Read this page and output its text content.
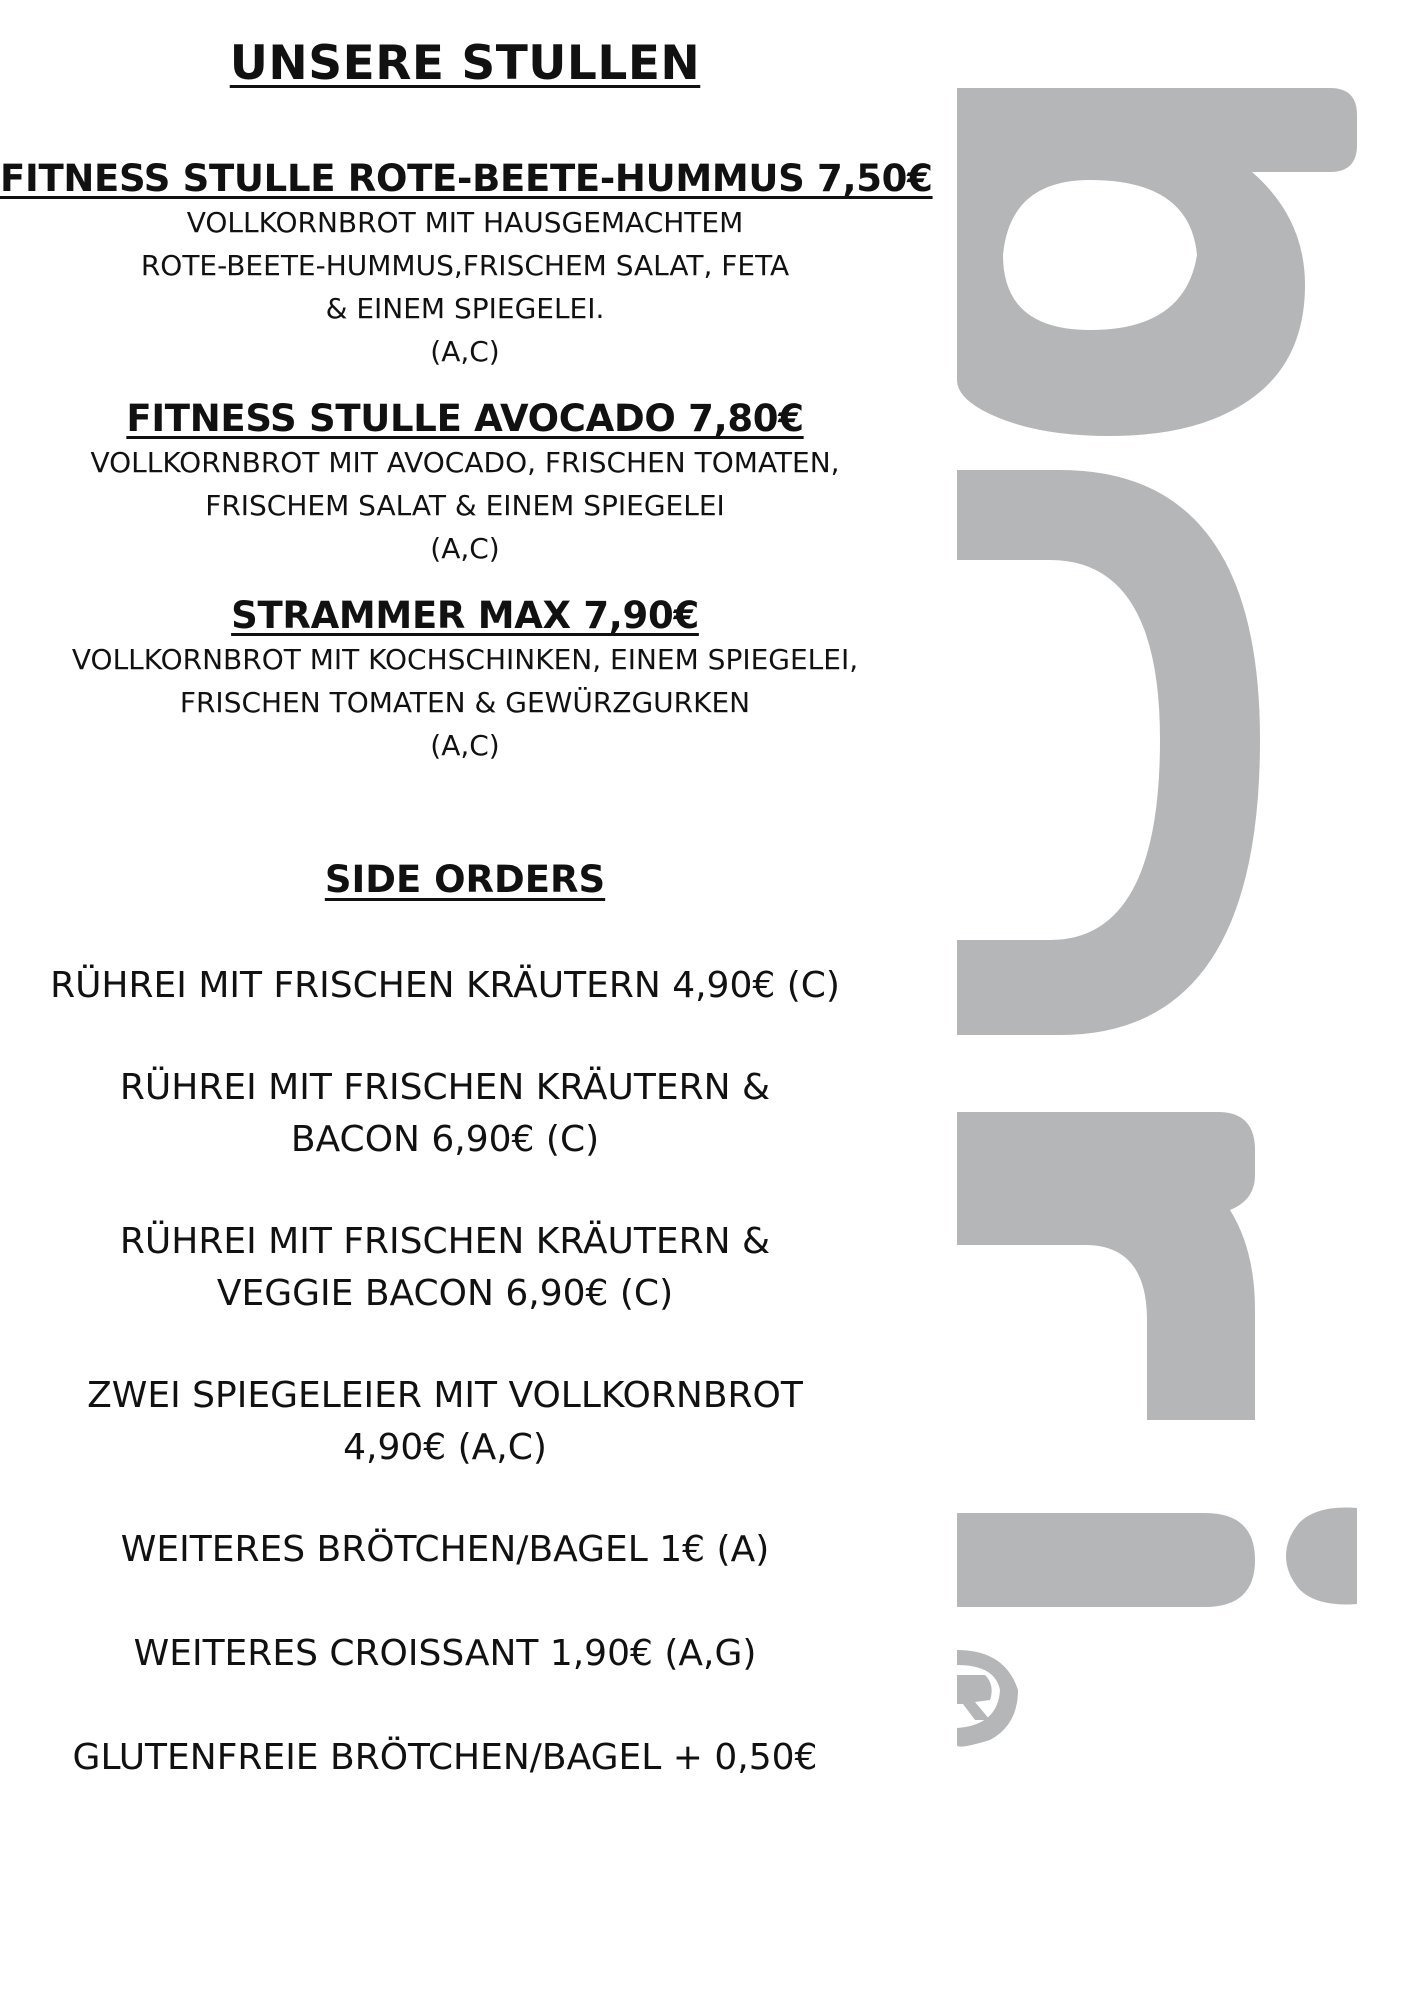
UNSERE STULLEN
FITNESS STULLE ROTE-BEETE-HUMMUS 7,50€
VOLLKORNBROT MIT HAUSGEMACHTEM
ROTE-BEETE-HUMMUS,FRISCHEM SALAT, FETA
& EINEM SPIEGELEI.
(A,C)
FITNESS STULLE AVOCADO 7,80€
VOLLKORNBROT MIT AVOCADO, FRISCHEN TOMATEN,
FRISCHEM SALAT & EINEM SPIEGELEI
(A,C)
STRAMMER MAX 7,90€
VOLLKORNBROT MIT KOCHSCHINKEN, EINEM SPIEGELEI,
FRISCHEN TOMATEN & GEWÜRZGURKEN
(A,C)
SIDE ORDERS
RÜHREI MIT FRISCHEN KRÄUTERN 4,90€ (C)
RÜHREI MIT FRISCHEN KRÄUTERN &
BACON 6,90€ (C)
RÜHREI MIT FRISCHEN KRÄUTERN &
VEGGIE BACON 6,90€ (C)
ZWEI SPIEGELEIER MIT VOLLKORNBROT
4,90€ (A,C)
WEITERES BRÖTCHEN/BAGEL 1€ (A)
WEITERES CROISSANT 1,90€ (A,G)
GLUTENFREIE BRÖTCHEN/BAGEL + 0,50€
